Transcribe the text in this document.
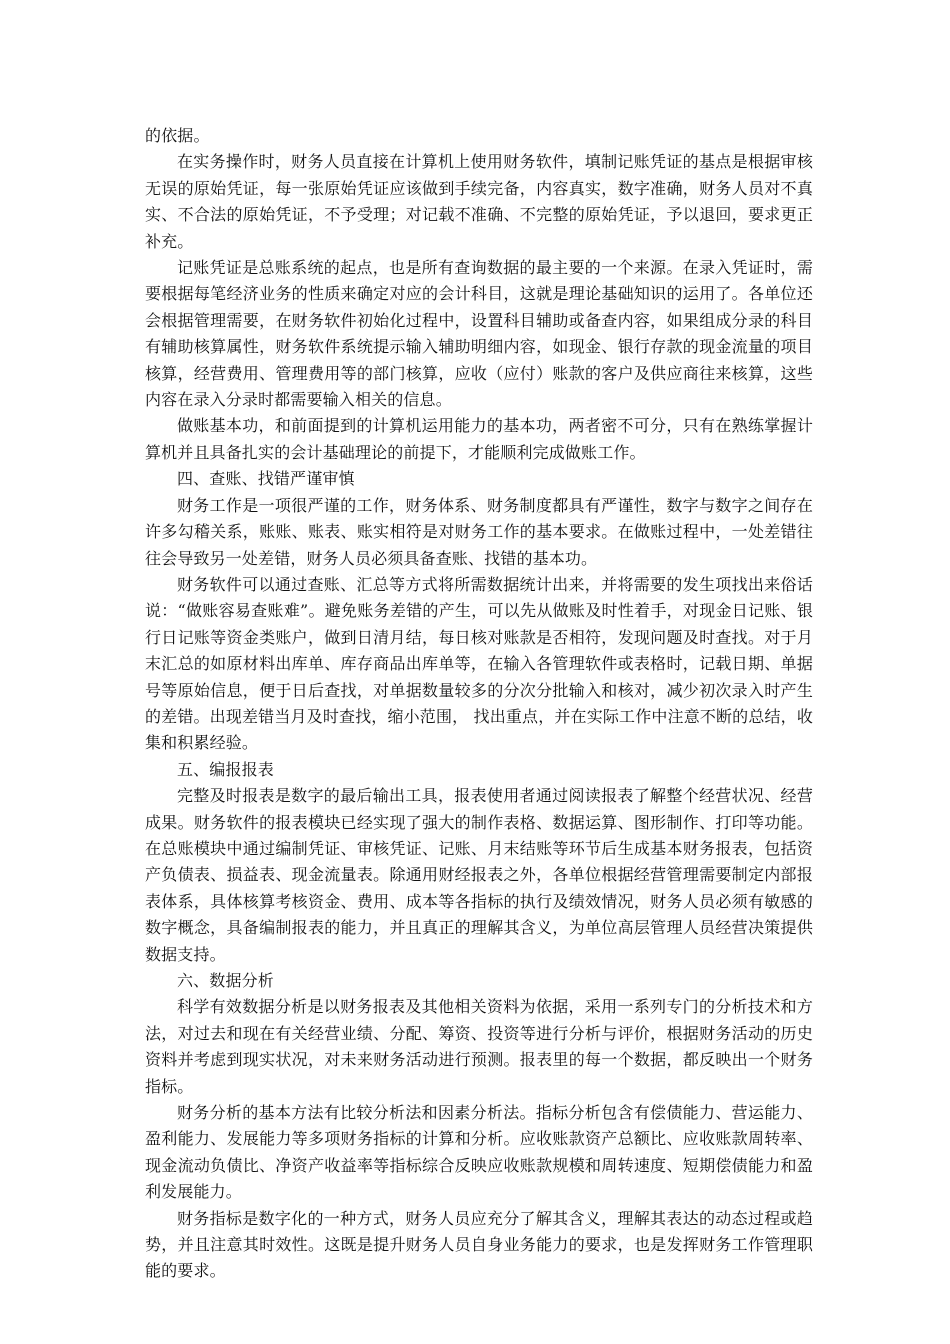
的依据。

在实务操作时，财务人员直接在计算机上使用财务软件，填制记账凭证的基点是根据审核无误的原始凭证，每一张原始凭证应该做到手续完备，内容真实，数字准确，财务人员对不真实、不合法的原始凭证，不予受理；对记载不准确、不完整的原始凭证，予以退回，要求更正补充。

记账凭证是总账系统的起点，也是所有查询数据的最主要的一个来源。在录入凭证时，需要根据每笔经济业务的性质来确定对应的会计科目，这就是理论基础知识的运用了。各单位还会根据管理需要，在财务软件初始化过程中，设置科目辅助或备查内容，如果组成分录的科目有辅助核算属性，财务软件系统提示输入辅助明细内容，如现金、银行存款的现金流量的项目核算，经营费用、管理费用等的部门核算，应收（应付）账款的客户及供应商往来核算，这些内容在录入分录时都需要输入相关的信息。

做账基本功，和前面提到的计算机运用能力的基本功，两者密不可分，只有在熟练掌握计算机并且具备扎实的会计基础理论的前提下，才能顺利完成做账工作。

四、查账、找错严谨审慎

财务工作是一项很严谨的工作，财务体系、财务制度都具有严谨性，数字与数字之间存在许多勾稽关系，账账、账表、账实相符是对财务工作的基本要求。在做账过程中，一处差错往往会导致另一处差错，财务人员必须具备查账、找错的基本功。

财务软件可以通过查账、汇总等方式将所需数据统计出来，并将需要的发生项找出来俗话说：“做账容易查账难”。避免账务差错的产生，可以先从做账及时性着手，对现金日记账、银行日记账等资金类账户，做到日清月结，每日核对账款是否相符，发现问题及时查找。对于月末汇总的如原材料出库单、库存商品出库单等，在输入各管理软件或表格时，记载日期、单据号等原始信息，便于日后查找，对单据数量较多的分次分批输入和核对，减少初次录入时产生的差错。出现差错当月及时查找，缩小范围， 找出重点，并在实际工作中注意不断的总结，收集和积累经验。

五、编报报表

完整及时报表是数字的最后输出工具，报表使用者通过阅读报表了解整个经营状况、经营成果。财务软件的报表模块已经实现了强大的制作表格、数据运算、图形制作、打印等功能。在总账模块中通过编制凭证、审核凭证、记账、月末结账等环节后生成基本财务报表，包括资产负债表、损益表、现金流量表。除通用财经报表之外，各单位根据经营管理需要制定内部报表体系，具体核算考核资金、费用、成本等各指标的执行及绩效情况，财务人员必须有敏感的数字概念，具备编制报表的能力，并且真正的理解其含义，为单位高层管理人员经营决策提供数据支持。

六、数据分析

科学有效数据分析是以财务报表及其他相关资料为依据，采用一系列专门的分析技术和方法，对过去和现在有关经营业绩、分配、筹资、投资等进行分析与评价，根据财务活动的历史资料并考虑到现实状况，对未来财务活动进行预测。报表里的每一个数据，都反映出一个财务指标。

财务分析的基本方法有比较分析法和因素分析法。指标分析包含有偿债能力、营运能力、盈利能力、发展能力等多项财务指标的计算和分析。应收账款资产总额比、应收账款周转率、现金流动负债比、净资产收益率等指标综合反映应收账款规模和周转速度、短期偿债能力和盈利发展能力。

财务指标是数字化的一种方式，财务人员应充分了解其含义，理解其表达的动态过程或趋势，并且注意其时效性。这既是提升财务人员自身业务能力的要求，也是发挥财务工作管理职能的要求。
